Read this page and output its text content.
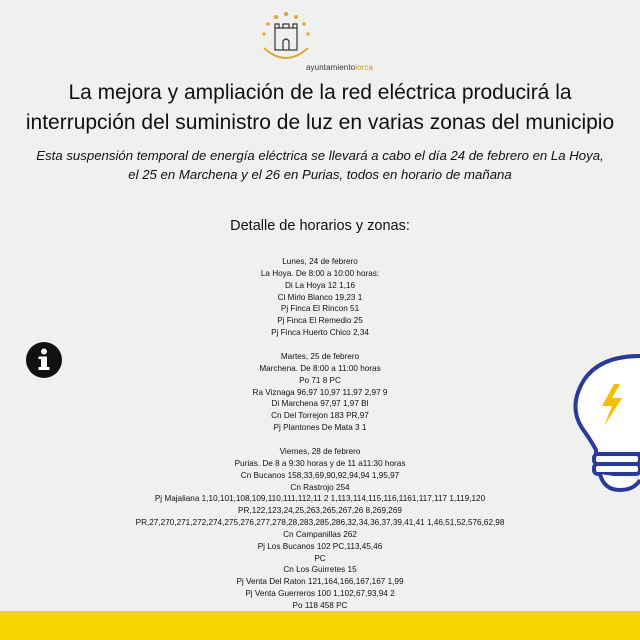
ayuntamientolorca
La mejora y ampliación de la red eléctrica producirá la
interrupción del suministro de luz en varias zonas del municipio
Esta suspensión temporal de energía eléctrica se llevará a cabo el día 24 de febrero en La Hoya,
el 25 en Marchena y el 26 en Purias, todos en horario de mañana
Detalle de horarios y zonas:
Lunes, 24 de febrero
La Hoya. De 8:00 a 10:00 horas:
Di La Hoya 12 1,16
Cl Mirlo Blanco 19,23 1
Pj Finca El Rincon 51
Pj Finca El Remedio 25
Pj Finca Huerto Chico 2,34
Martes, 25 de febrero
Marchena. De 8:00 a 11:00 horas
Po 71 8 PC
Ra Viznaga 96,97 10,97 11,97 2,97 9
Di Marchena 97,97 1,97 Bl
Cn Del Torrejon 183 PR,97
Pj Plantones De Mata 3 1
Viernes, 28 de febrero
Purias. De 8 a 9:30 horas y de 11 a11:30 horas
Cn Bucanos 158,33,69,90,92,94,94 1,95,97
Cn Rastrojo 254
Pj Majaliana 1,10,101,108,109,110,111,112,11 2 1,113,114,115,116,1161,117,117 1,119,120
PR,122,123,24,25,263,265,267,26 8,269,269
PR,27,270,271,272,274,275,276,277,278,28,283,285,286,32,34,36,37,39,41,41 1,46,51,52,576,62,98
Cn Campanillas 262
Pj Los Bucanos 102 PC,113,45,46
PC
Cn Los Guirretes 15
Pj Venta Del Raton 121,164,166,167,167 1,99
Pj Venta Guerreros 100 1,102,67,93,94 2
Po 118 458 PC
